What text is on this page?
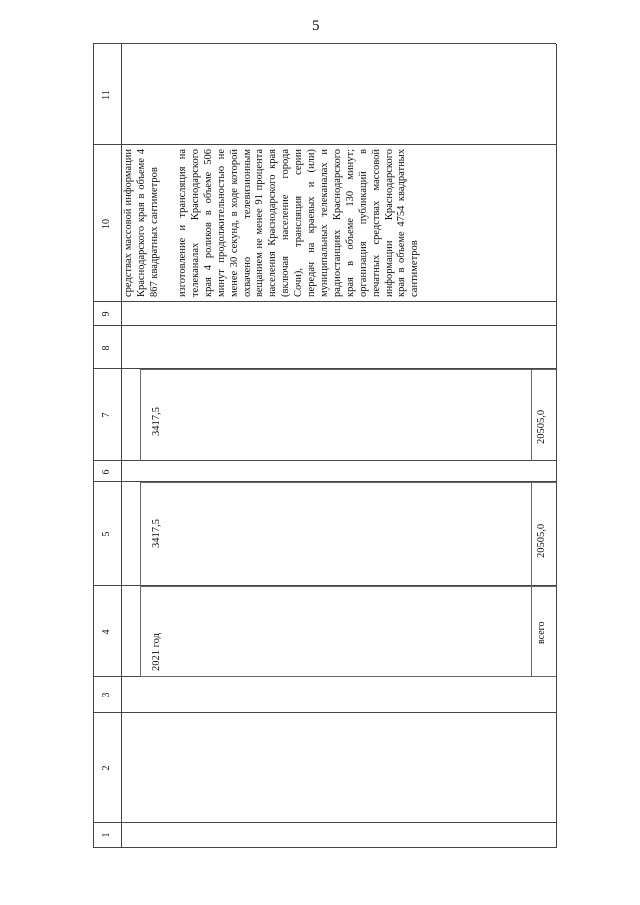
5
1
2
3
4
5
6
7
8
9
10
11
средствах массовой информации Краснодарского края в объеме 4 867 квадратных сантиметров изготовление и трансляция на телеканалах Краснодарского края 4 роликов в объеме 506 минут продолжительностью не менее 30 секунд, в ходе которой охвачено телевизионным вещанием не менее 91 процента населения Краснодарского края (включая население города Сочи), трансляция серии передач на краевых и (или) муниципальных телеканалах и радиостанциях Краснодарского края в объеме 130 минут; организация публикаций в печатных средствах массовой информации Краснодарского края в объеме 4754 квадратных сантиметров
2021 год
3417,5
3417,5
всего
20505,0
20505,0
